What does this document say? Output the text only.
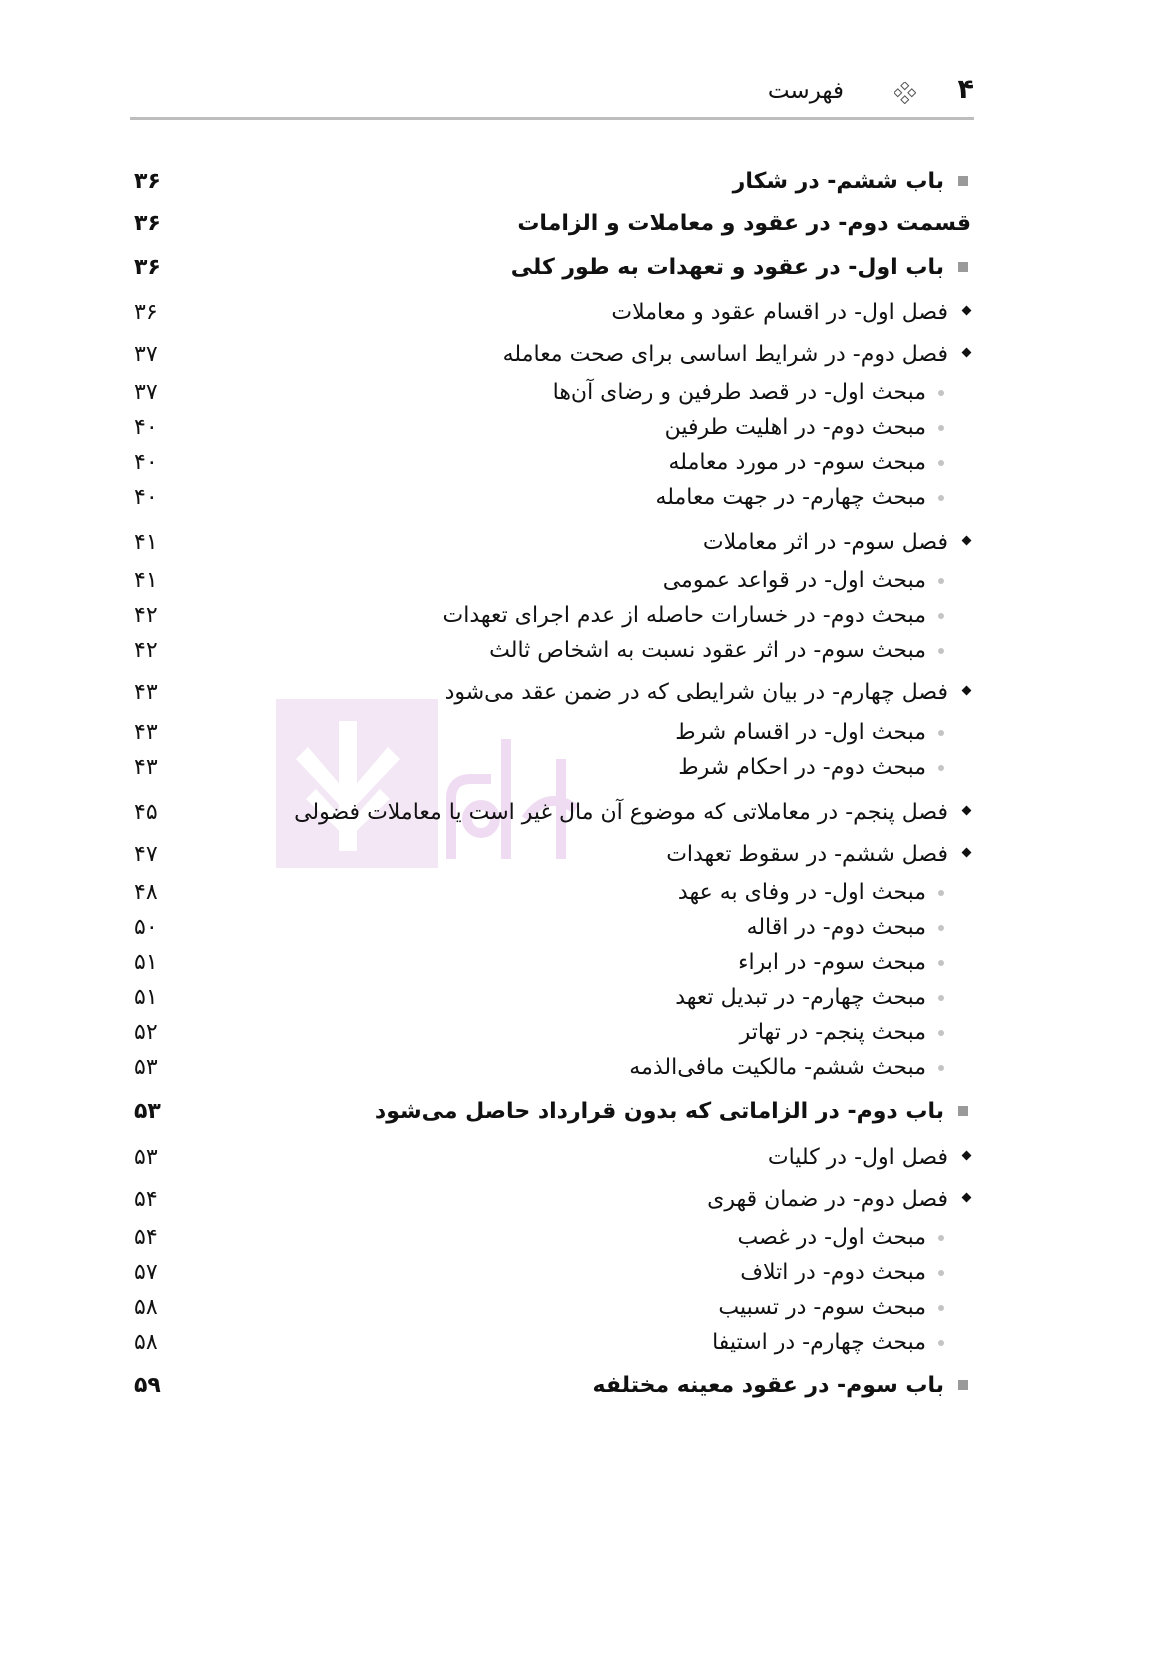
۴
فهرست
باب ششم- در شکار
۳۶
قسمت دوم- در عقود و معاملات و الزامات
۳۶
باب اول- در عقود و تعهدات به طور کلی
۳۶
فصل اول- در اقسام عقود و معاملات
۳۶
فصل دوم- در شرایط اساسی برای صحت معامله
۳۷
مبحث اول- در قصد طرفین و رضای آن‌ها
۳۷
مبحث دوم- در اهلیت طرفین
۴۰
مبحث سوم- در مورد معامله
۴۰
مبحث چهارم- در جهت معامله
۴۰
فصل سوم- در اثر معاملات
۴۱
مبحث اول- در قواعد عمومی
۴۱
مبحث دوم- در خسارات حاصله از عدم اجرای تعهدات
۴۲
مبحث سوم- در اثر عقود نسبت به اشخاص ثالث
۴۲
فصل چهارم- در بیان شرایطی که در ضمن عقد می‌شود
۴۳
مبحث اول- در اقسام شرط
۴۳
مبحث دوم- در احکام شرط
۴۳
فصل پنجم- در معاملاتی که موضوع آن مال غیر است یا معاملات فضولی
۴۵
فصل ششم- در سقوط تعهدات
۴۷
مبحث اول- در وفای به عهد
۴۸
مبحث دوم- در اقاله
۵۰
مبحث سوم- در ابراء
۵۱
مبحث چهارم- در تبدیل تعهد
۵۱
مبحث پنجم- در تهاتر
۵۲
مبحث ششم- مالکیت مافی‌الذمه
۵۳
باب دوم- در الزاماتی که بدون قرارداد حاصل می‌شود
۵۳
فصل اول- در کلیات
۵۳
فصل دوم- در ضمان قهری
۵۴
مبحث اول- در غصب
۵۴
مبحث دوم- در اتلاف
۵۷
مبحث سوم- در تسبیب
۵۸
مبحث چهارم- در استیفا
۵۸
باب سوم- در عقود معینه مختلفه
۵۹
